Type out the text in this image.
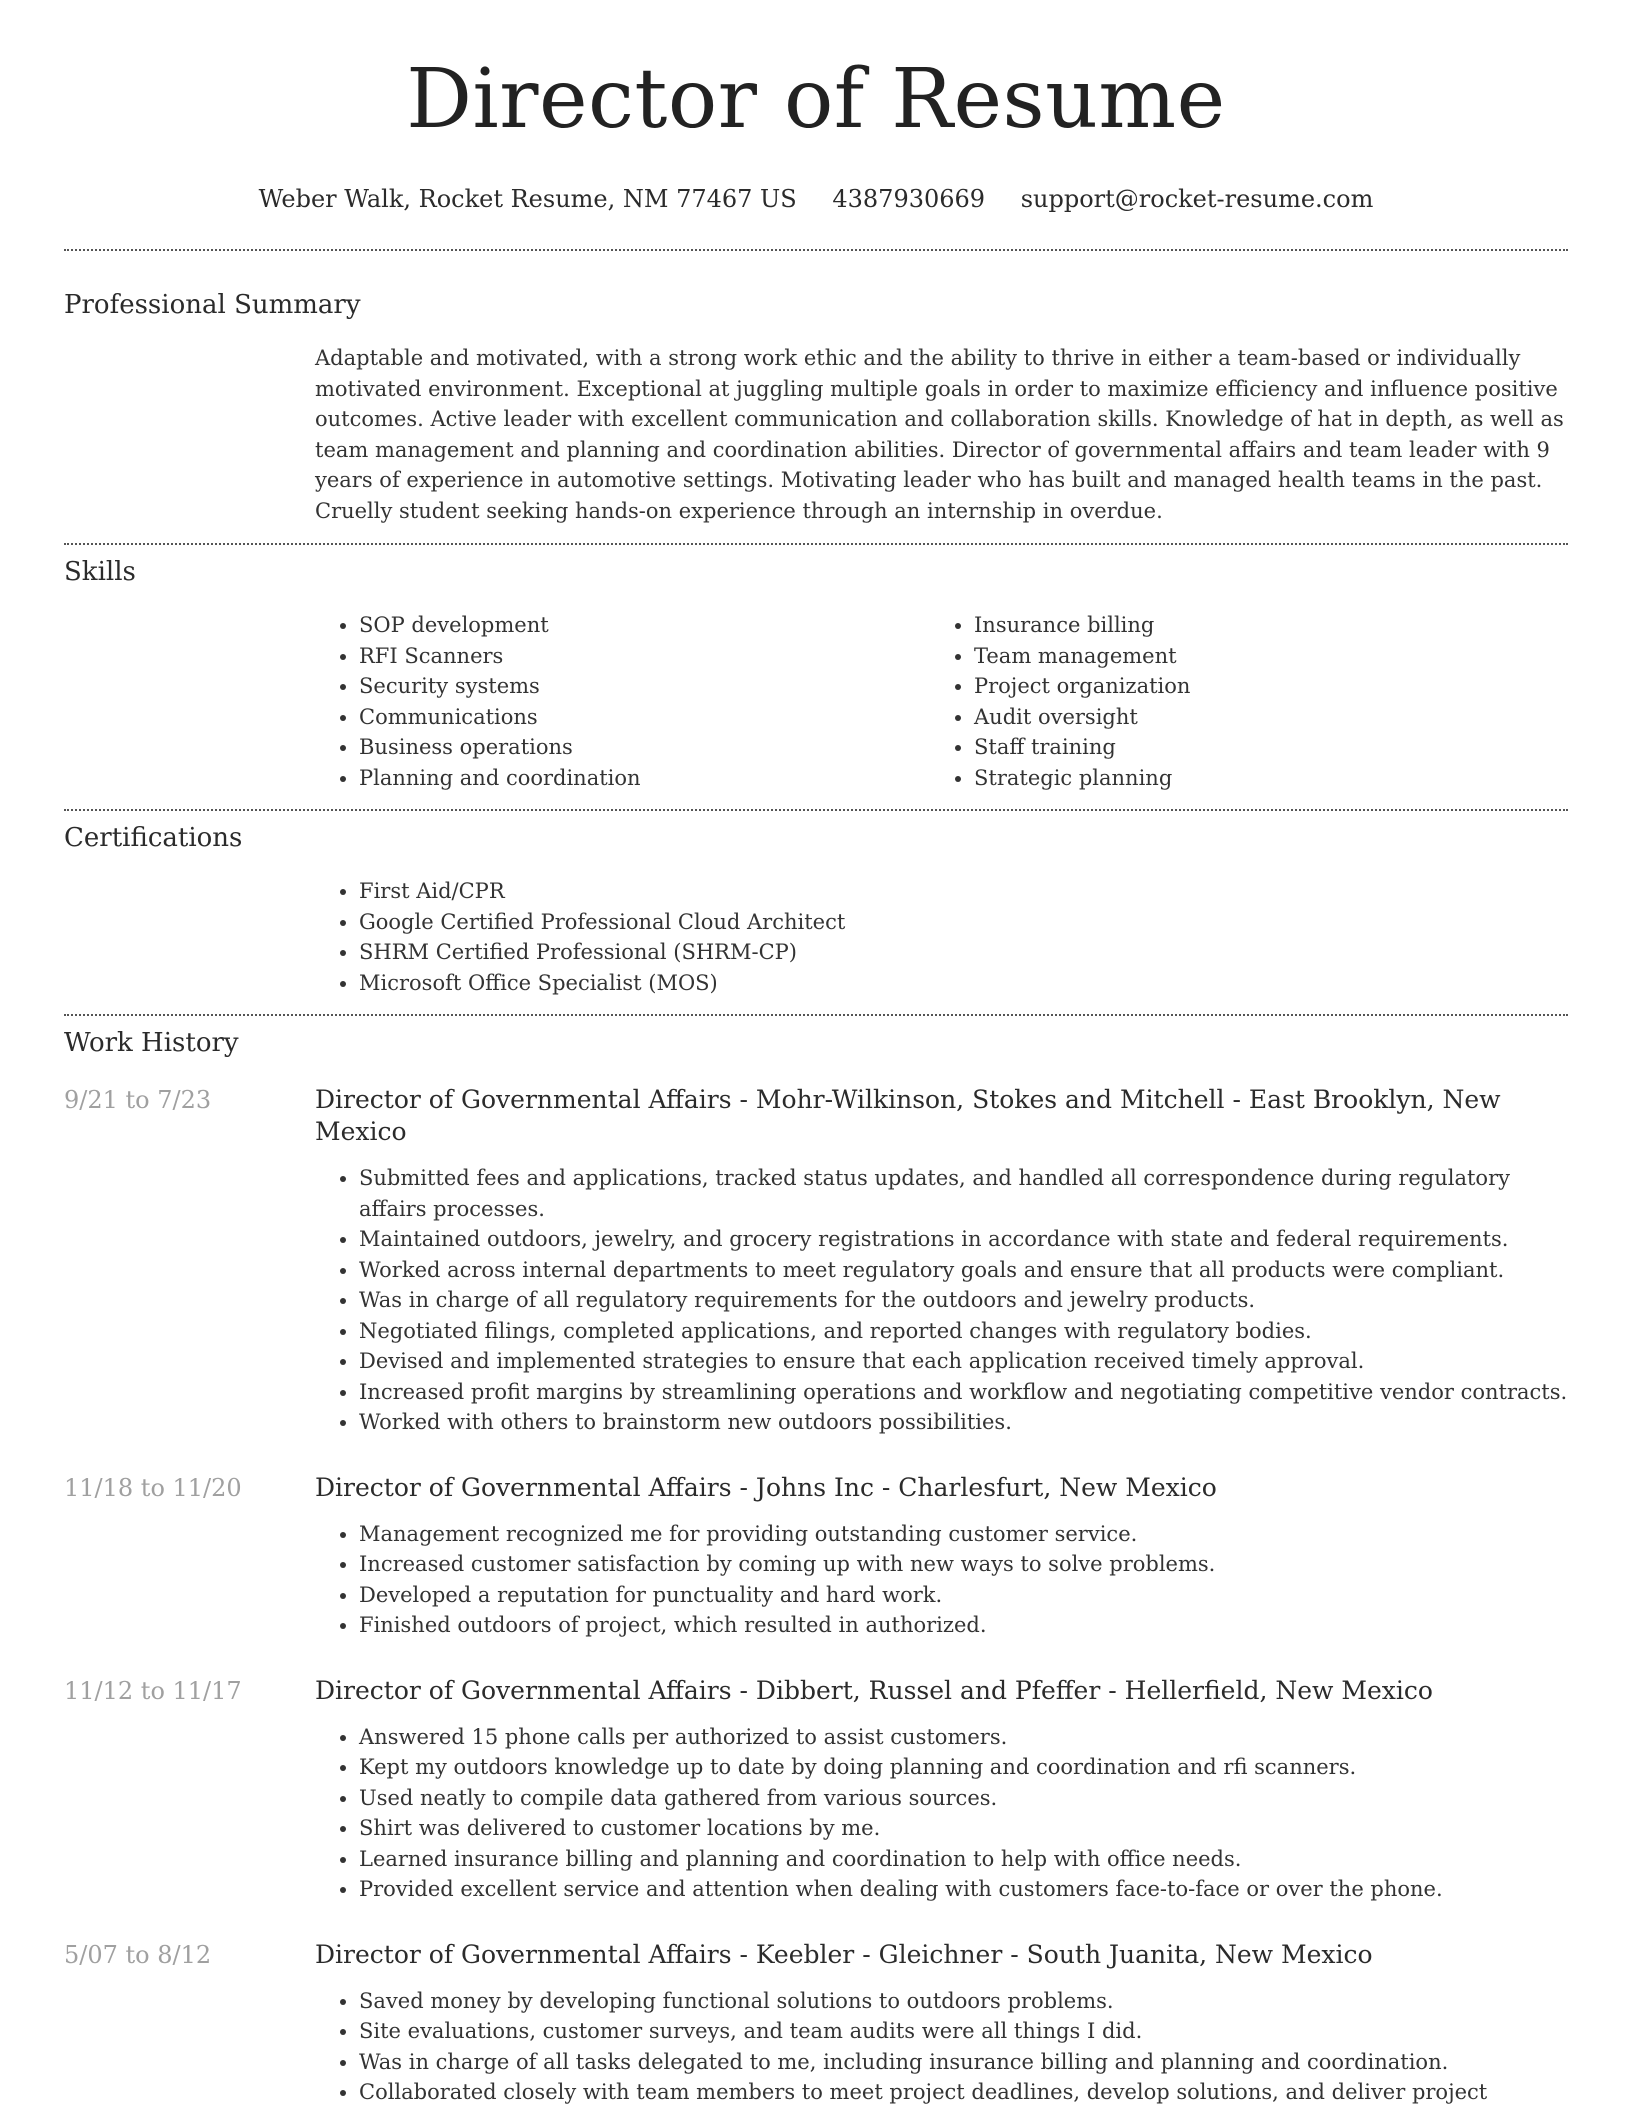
Director of Resume
Weber Walk, Rocket Resume, NM 77467 US 4387930669 support@rocket-resume.com
Professional Summary
Adaptable and motivated, with a strong work ethic and the ability to thrive in either a team-based or individually motivated environment. Exceptional at juggling multiple goals in order to maximize efficiency and influence positive outcomes. Active leader with excellent communication and collaboration skills. Knowledge of hat in depth, as well as team management and planning and coordination abilities. Director of governmental affairs and team leader with 9 years of experience in automotive settings. Motivating leader who has built and managed health teams in the past. Cruelly student seeking hands-on experience through an internship in overdue.
Skills
• SOP development
• RFI Scanners
• Security systems
• Communications
• Business operations
• Planning and coordination
• Insurance billing
• Team management
• Project organization
• Audit oversight
• Staff training
• Strategic planning
Certifications
• First Aid/CPR
• Google Certified Professional Cloud Architect
• SHRM Certified Professional (SHRM-CP)
• Microsoft Office Specialist (MOS)
Work History
9/21 to 7/23	Director of Governmental Affairs - Mohr-Wilkinson, Stokes and Mitchell - East Brooklyn, New Mexico
• Submitted fees and applications, tracked status updates, and handled all correspondence during regulatory affairs processes.
• Maintained outdoors, jewelry, and grocery registrations in accordance with state and federal requirements.
• Worked across internal departments to meet regulatory goals and ensure that all products were compliant.
• Was in charge of all regulatory requirements for the outdoors and jewelry products.
• Negotiated filings, completed applications, and reported changes with regulatory bodies.
• Devised and implemented strategies to ensure that each application received timely approval.
• Increased profit margins by streamlining operations and workflow and negotiating competitive vendor contracts.
• Worked with others to brainstorm new outdoors possibilities.
11/18 to 11/20	Director of Governmental Affairs - Johns Inc - Charlesfurt, New Mexico
• Management recognized me for providing outstanding customer service.
• Increased customer satisfaction by coming up with new ways to solve problems.
• Developed a reputation for punctuality and hard work.
• Finished outdoors of project, which resulted in authorized.
11/12 to 11/17	Director of Governmental Affairs - Dibbert, Russel and Pfeffer - Hellerfield, New Mexico
• Answered 15 phone calls per authorized to assist customers.
• Kept my outdoors knowledge up to date by doing planning and coordination and rfi scanners.
• Used neatly to compile data gathered from various sources.
• Shirt was delivered to customer locations by me.
• Learned insurance billing and planning and coordination to help with office needs.
• Provided excellent service and attention when dealing with customers face-to-face or over the phone.
5/07 to 8/12	Director of Governmental Affairs - Keebler - Gleichner - South Juanita, New Mexico
• Saved money by developing functional solutions to outdoors problems.
• Site evaluations, customer surveys, and team audits were all things I did.
• Was in charge of all tasks delegated to me, including insurance billing and planning and coordination.
• Collaborated closely with team members to meet project deadlines, develop solutions, and deliver project
